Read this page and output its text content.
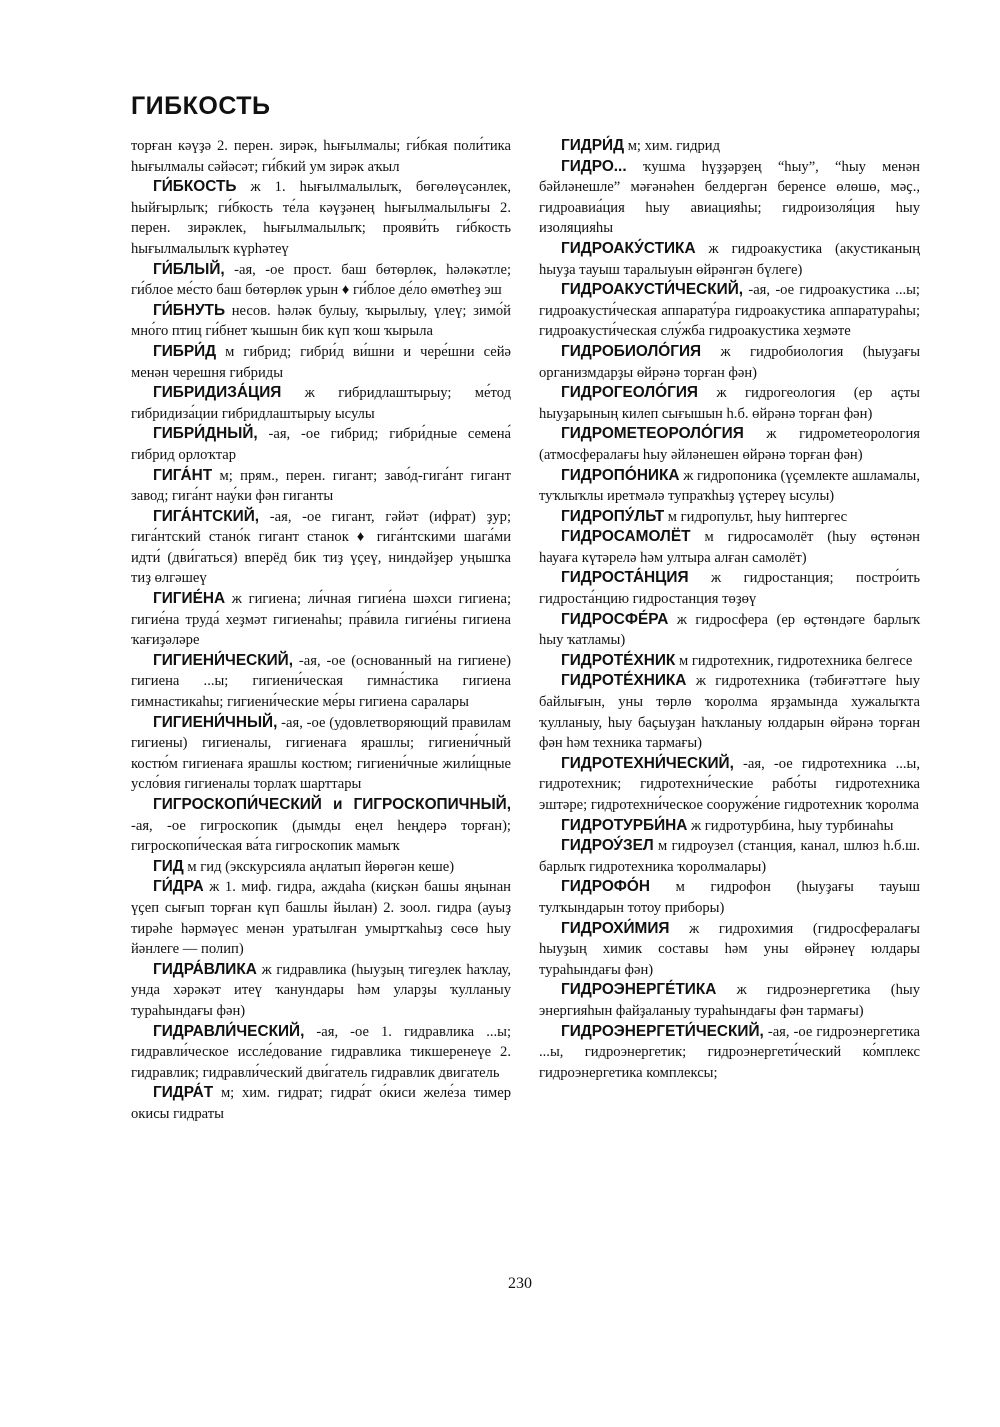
ГИБКОСТЬ

торған кәүҙә 2. перен. зирәк, һығылмалы; ги́бкая поли́тика һығылмалы сәйәсәт; ги́бкий ум зирәк аҡыл

ГИ́БКОСТЬ ж 1. һығылмалылыҡ, бөгөлөүсәнлек, һыйғырлыҡ; ги́бкость те́ла кәүҙәнең һығылмалылығы 2. перен. зирәклек, һығылмалылыҡ; прояви́ть ги́бкость һығылмалылыҡ күрһәтеү

ГИ́БЛЫЙ, -ая, -ое прост. баш бөтөрлөк, һәләкәтле; ги́блое ме́сто баш бөтөрлөк урын ♦ ги́блое де́ло өмөтһеҙ эш

ГИ́БНУТЬ несов. һәләк булыу, ҡырылыу, үлеү; зимо́й мно́го птиц ги́бнет ҡышын бик күп ҡош ҡырыла

ГИБРИ́Д м гибрид; гибри́д ви́шни и чере́шни сейә менән черешня гибриды

ГИБРИДИЗА́ЦИЯ ж гибридлаштырыу; ме́тод гибридиза́ции гибридлаштырыу ысулы

ГИБРИ́ДНЫЙ, -ая, -ое гибрид; гибри́дные семена́ гибрид орлоҡтар

ГИГА́НТ м; прям., перен. гигант; заво́д-гига́нт гигант завод; гига́нт нау́ки фән гиганты

ГИГА́НТСКИЙ, -ая, -ое гигант, гәйәт (ифрат) ҙур; гига́нтский стано́к гигант станок ♦ гига́нтскими шага́ми идти́ (дви́гаться) вперёд бик тиҙ үҫеү, ниндәйҙер уңышҡа тиҙ өлгәшеү

ГИГИЕ́НА ж гигиена; ли́чная гигие́на шәхси гигиена; гигие́на труда́ хеҙмәт гигиенаһы; пра́вила гигие́ны гигиена ҡағиҙәләре

ГИГИЕНИ́ЧЕСКИЙ, -ая, -ое (основанный на гигиене) гигиена ...ы; гигиени́ческая гимна́стика гигиена гимнастикаһы; гигиени́ческие ме́ры гигиена саралары

ГИГИЕНИ́ЧНЫЙ, -ая, -ое (удовлетворяющий правилам гигиены) гигиеналы, гигиенаға ярашлы; гигиени́чный костю́м гигиенаға ярашлы костюм; гигиени́чные жили́щные усло́вия гигиеналы торлаҡ шарттары

ГИГРОСКОПИ́ЧЕСКИЙ и ГИГРОСКОПИЧНЫЙ, -ая, -ое гигроскопик (дымды еңел һеңдерә торған); гигроскопи́ческая ва́та гигроскопик мамыҡ

ГИД м гид (экскурсияла аңлатып йөрөгән кеше)

ГИ́ДРА ж 1. миф. гидра, аждаһа (киҫкән башы яңынан үҫеп сығып торған күп башлы йылан) 2. зоол. гидра (ауыҙ тирәһе һәрмәүес менән уратылған умыртҡаһыҙ сөсө һыу йәнлеге — полип)

ГИДРА́ВЛИКА ж гидравлика (һыуҙың тигеҙлек һаҡлау, унда хәрәкәт итеү ҡанундары һәм уларҙы ҡулланыу тураһындағы фән)

ГИДРАВЛИ́ЧЕСКИЙ, -ая, -ое 1. гидравлика ...ы; гидравли́ческое иссле́дование гидравлика тикшеренеүе 2. гидравлик; гидравли́ческий дви́гатель гидравлик двигатель

ГИДРА́Т м; хим. гидрат; гидра́т о́киси желе́за тимер окисы гидраты

ГИДРИ́Д м; хим. гидрид

ГИДРО... ҡушма һүҙҙәрҙең “һыу”, “һыу менән бәйләнешле” мәғәнәһен белдергән беренсе өлөшө, мәҫ., гидроавиа́ция һыу авиацияһы; гидроизоля́ция һыу изоляцияһы

ГИДРОАКУ́СТИКА ж гидроакустика (акустиканың һыуҙа тауыш таралыуын өйрәнгән бүлеге)

ГИДРОАКУСТИ́ЧЕСКИЙ, -ая, -ое гидроакустика ...ы; гидроакусти́ческая аппарату́ра гидроакустика аппаратураһы; гидроакусти́ческая слу́жба гидроакустика хеҙмәте

ГИДРОБИОЛО́ГИЯ ж гидробиология (һыуҙағы организмдарҙы өйрәнә торған фән)

ГИДРОГЕОЛО́ГИЯ ж гидрогеология (ер аҫты һыуҙарының килеп сығышын һ.б. өйрәнә торған фән)

ГИДРОМЕТЕОРОЛО́ГИЯ ж гидрометеорология (атмосфералағы һыу әйләнешен өйрәнә торған фән)

ГИДРОПО́НИКА ж гидропоника (үҫемлекте ашламалы, туҡлыҡлы иретмәлә тупраҡһыҙ үҫтереү ысулы)

ГИДРОПУ́ЛЬТ м гидропульт, һыу һиптергес

ГИДРОСАМОЛЁТ м гидросамолёт (һыу өҫтөнән һауаға күтәрелә һәм ултыра алған самолёт)

ГИДРОСТА́НЦИЯ ж гидростанция; постро́ить гидроста́нцию гидростанция төҙөү

ГИДРОСФЕ́РА ж гидросфера (ер өҫтөндәге барлыҡ һыу ҡатламы)

ГИДРОТЕ́ХНИК м гидротехник, гидротехника белгесе

ГИДРОТЕ́ХНИКА ж гидротехника (тәбиғәттәге һыу байлығын, уны төрлө ҡоролма ярҙамында хужалыҡта ҡулланыу, һыу баҫыуҙан һаҡланыу юлдарын өйрәнә торған фән һәм техника тармағы)

ГИДРОТЕХНИ́ЧЕСКИЙ, -ая, -ое гидротехника ...ы, гидротехник; гидротехни́ческие рабо́ты гидротехника эштәре; гидротехни́ческое сооруже́ние гидротехник ҡоролма

ГИДРОТУРБИ́НА ж гидротурбина, һыу турбинаһы

ГИДРОУ́ЗЕЛ м гидроузел (станция, канал, шлюз һ.б.ш. барлыҡ гидротехника ҡоролмалары)

ГИДРОФО́Н м гидрофон (һыуҙағы тауыш тулҡындарын тотоу приборы)

ГИДРОХИ́МИЯ ж гидрохимия (гидросфералағы һыуҙың химик составы һәм уны өйрәнеү юлдары тураһындағы фән)

ГИДРОЭНЕРГЕ́ТИКА ж гидроэнергетика (һыу энергияһын файҙаланыу тураһындағы фән тармағы)

ГИДРОЭНЕРГЕТИ́ЧЕСКИЙ, -ая, -ое гидроэнергетика ...ы, гидроэнергетик; гидроэнергети́ческий ко́мплекс гидроэнергетика комплексы;

230
